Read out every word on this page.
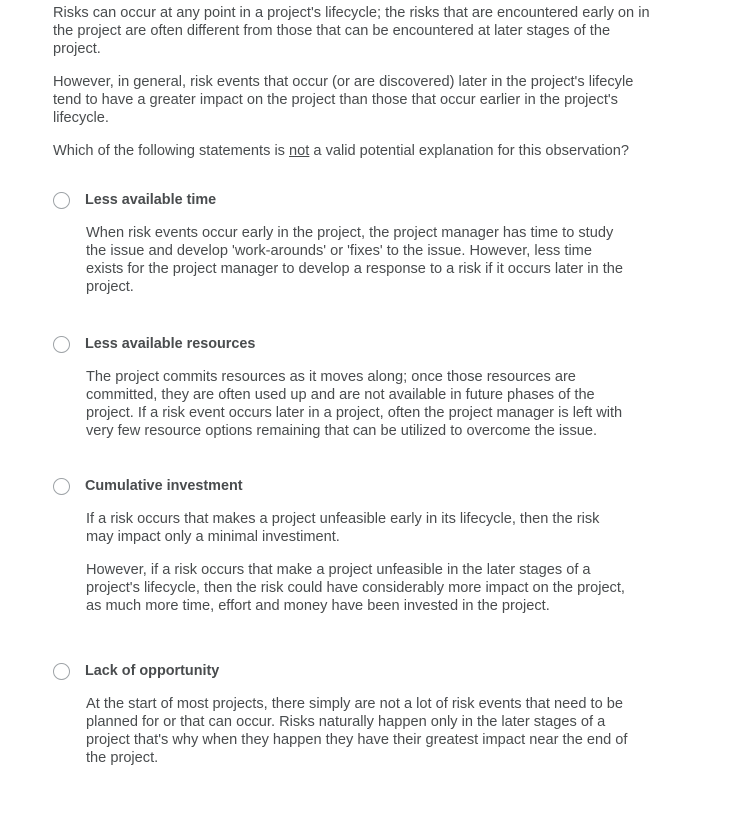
Risks can occur at any point in a project's lifecycle; the risks that are encountered early on in the project are often different from those that can be encountered at later stages of the project.

However, in general, risk events that occur (or are discovered) later in the project's lifecyle tend to have a greater impact on the project than those that occur earlier in the project's lifecycle.

Which of the following statements is not a valid potential explanation for this observation?

Less available time

When risk events occur early in the project, the project manager has time to study the issue and develop 'work-arounds' or 'fixes' to the issue. However, less time exists for the project manager to develop a response to a risk if it occurs later in the project.

Less available resources

The project commits resources as it moves along; once those resources are committed, they are often used up and are not available in future phases of the project. If a risk event occurs later in a project, often the project manager is left with very few resource options remaining that can be utilized to overcome the issue.

Cumulative investment

If a risk occurs that makes a project unfeasible early in its lifecycle, then the risk may impact only a minimal investiment.

However, if a risk occurs that make a project unfeasible in the later stages of a project's lifecycle, then the risk could have considerably more impact on the project, as much more time, effort and money have been invested in the project.

Lack of opportunity

At the start of most projects, there simply are not a lot of risk events that need to be planned for or that can occur. Risks naturally happen only in the later stages of a project that's why when they happen they have their greatest impact near the end of the project.
